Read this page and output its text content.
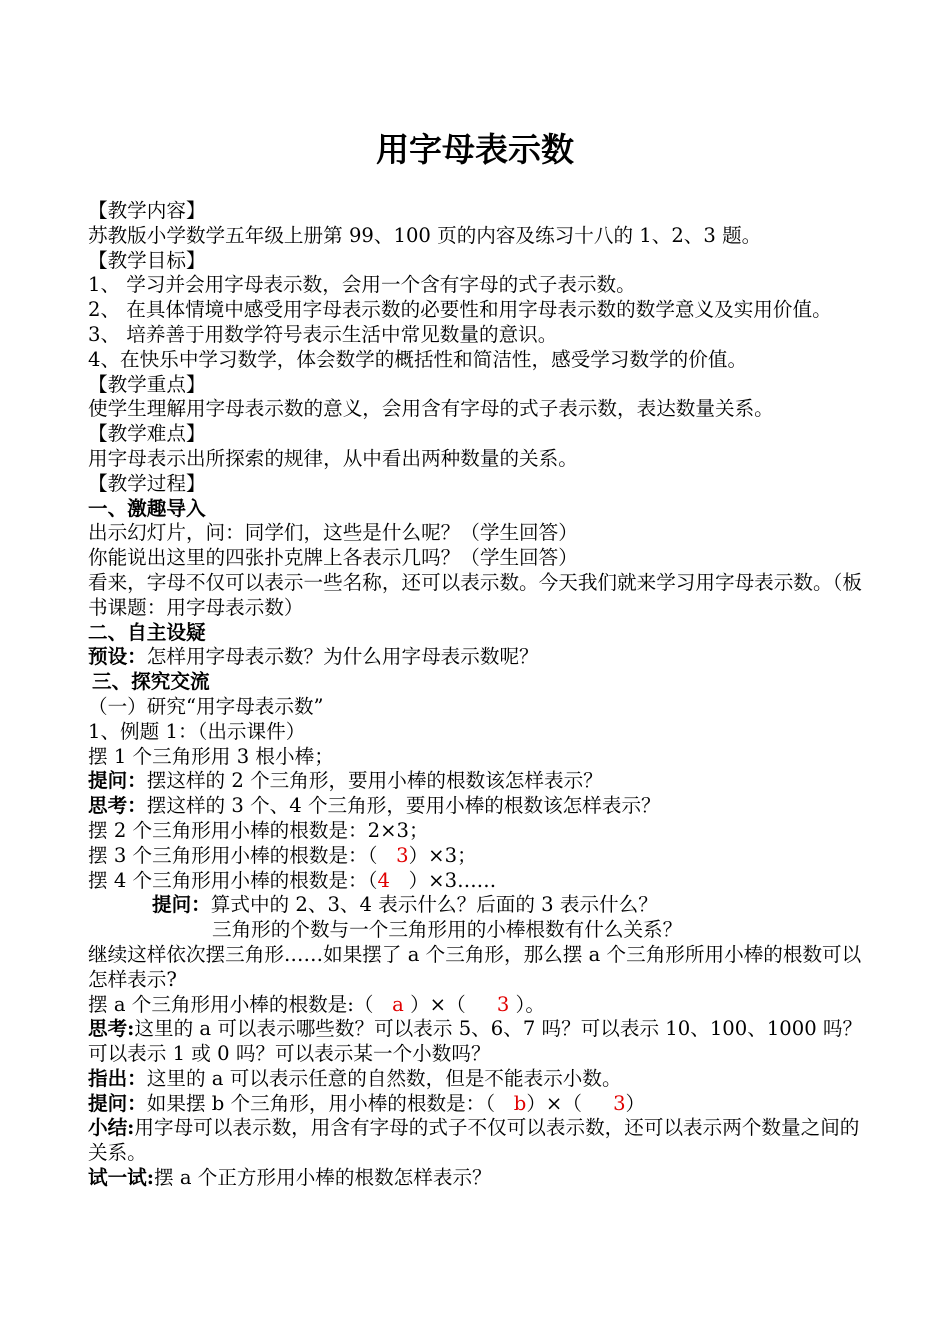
用字母表示数
【教学内容】
苏教版小学数学五年级上册第 99、100 页的内容及练习十八的 1、2、3 题。
【教学目标】
1、 学习并会用字母表示数，会用一个含有字母的式子表示数。
2、 在具体情境中感受用字母表示数的必要性和用字母表示数的数学意义及实用价值。
3、 培养善于用数学符号表示生活中常见数量的意识。
4、在快乐中学习数学，体会数学的概括性和简洁性，感受学习数学的价值。
【教学重点】
使学生理解用字母表示数的意义，会用含有字母的式子表示数，表达数量关系。
【教学难点】
用字母表示出所探索的规律，从中看出两种数量的关系。
【教学过程】
一、激趣导入
出示幻灯片，问：同学们，这些是什么呢？（学生回答）
你能说出这里的四张扑克牌上各表示几吗？（学生回答）
看来，字母不仅可以表示一些名称，还可以表示数。今天我们就来学习用字母表示数。（板书课题：用字母表示数）
二、自主设疑
预设：怎样用字母表示数？为什么用字母表示数呢？
三、探究交流
（一）研究“用字母表示数”
1、例题 1：（出示课件）
摆 1 个三角形用 3 根小棒；
提问：摆这样的 2 个三角形，要用小棒的根数该怎样表示？
思考：摆这样的 3 个、4 个三角形，要用小棒的根数该怎样表示？
摆 2 个三角形用小棒的根数是：2×3；
摆 3 个三角形用小棒的根数是：（ 3）×3；
摆 4 个三角形用小棒的根数是：（4 ）×3……
提问：算式中的 2、3、4 表示什么？后面的 3 表示什么？
三角形的个数与一个三角形用的小棒根数有什么关系？
继续这样依次摆三角形……如果摆了 a 个三角形，那么摆 a 个三角形所用小棒的根数可以怎样表示?
摆 a 个三角形用小棒的根数是:（ a ）×（ 3 ）。
思考:这里的 a 可以表示哪些数？可以表示 5、6、7 吗？可以表示 10、100、1000 吗？可以表示 1 或 0 吗？可以表示某一个小数吗？
指出：这里的 a 可以表示任意的自然数，但是不能表示小数。
提问：如果摆 b 个三角形，用小棒的根数是：（ b）×（ 3）
小结:用字母可以表示数，用含有字母的式子不仅可以表示数，还可以表示两个数量之间的关系。
试一试:摆 a 个正方形用小棒的根数怎样表示？
